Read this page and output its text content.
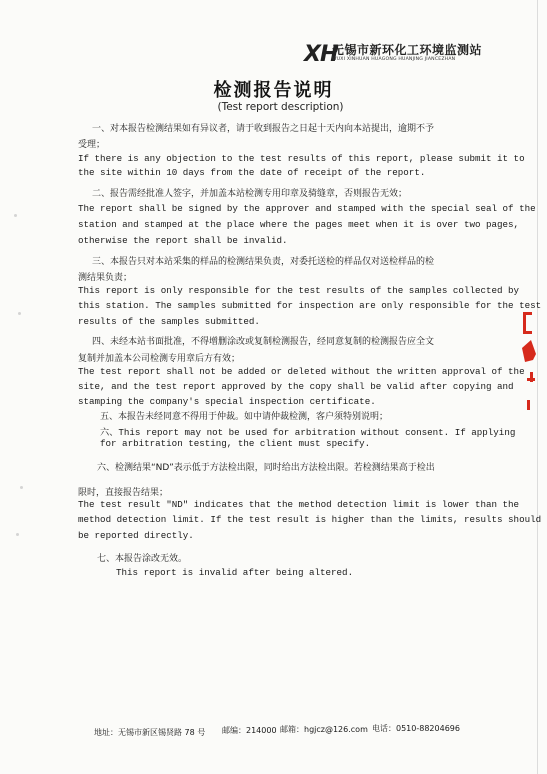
XH
无锡市新环化工环境监测站
WUXI XINHUAN HUAGONG HUANJING JIANCEZHAN
检测报告说明
(Test report description)
一、对本报告检测结果如有异议者，请于收到报告之日起十天内向本站提出，逾期不予
受理；
If there is any objection to the test results of this report, please submit it to
the site within 10 days from the date of receipt of the report.
二、报告需经批准人签字，并加盖本站检测专用印章及骑缝章，否则报告无效；
The report shall be signed by the approver and stamped with the special seal of the
station and stamped at the place where the pages meet when it is over two pages,
otherwise the report shall be invalid.
三、本报告只对本站采集的样品的检测结果负责，对委托送检的样品仅对送检样品的检
测结果负责；
This report is only responsible for the test results of the samples collected by
this station. The samples submitted for inspection are only responsible for the test
results of the samples submitted.
四、未经本站书面批准，不得增删涂改或复制检测报告，经同意复制的检测报告应全文
复制并加盖本公司检测专用章后方有效；
The test report shall not be added or deleted without the written approval of the
site, and the test report approved by the copy shall be valid after copying and
stamping the company's special inspection certificate.
五、本报告未经同意不得用于仲裁。如中请仲裁检测，客户须特别说明；
六、This report may not be used for arbitration without consent. If applying
for arbitration testing, the client must specify.
六、检测结果“ND”表示低于方法检出限，同时给出方法检出限。若检测结果高于检出
限时，直接报告结果；
The test result "ND" indicates that the method detection limit is lower than the
method detection limit. If the test result is higher than the limits, results should
be reported directly.
七、本报告涂改无效。
This report is invalid after being altered.
地址：无锡市新区锡贤路 78 号 邮编：214000 邮箱：hgjcz@126.com 电话：0510-88204696
